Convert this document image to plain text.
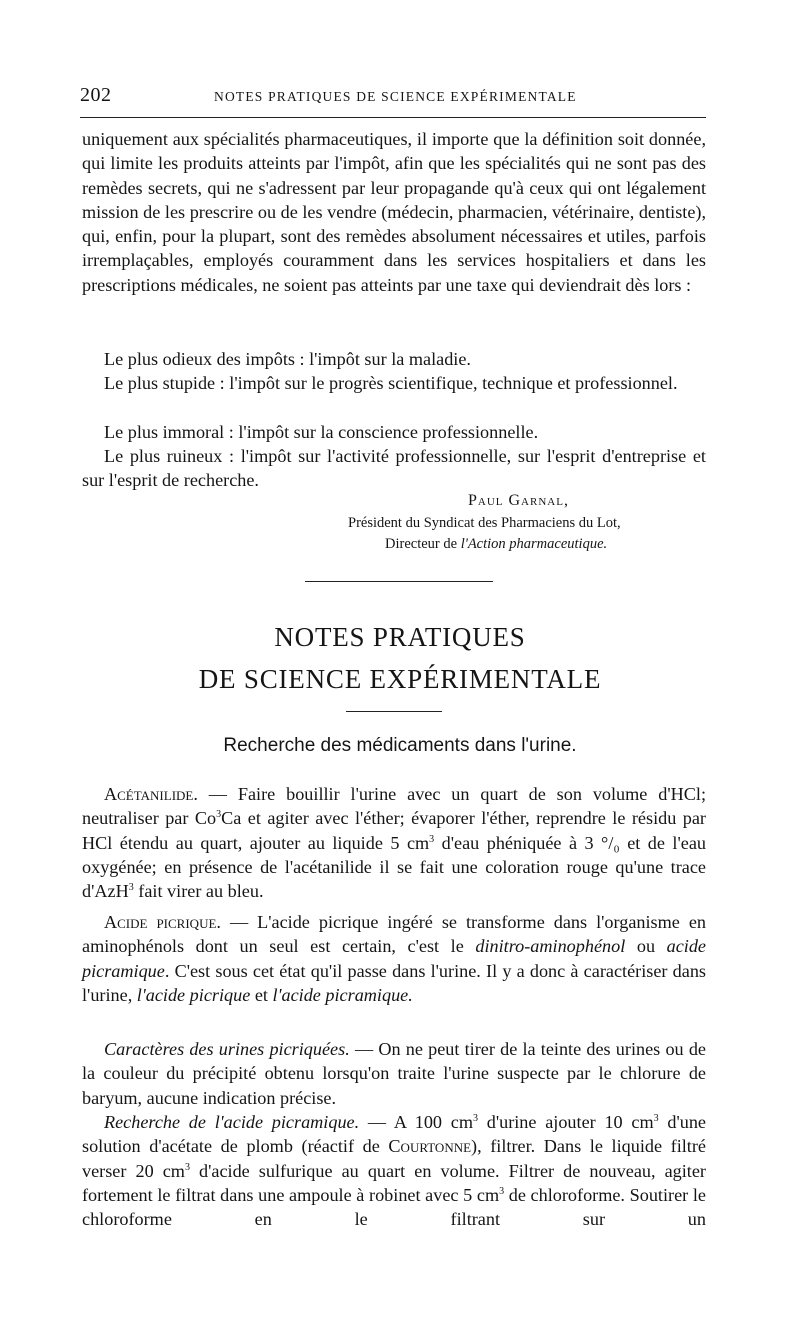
202	NOTES PRATIQUES DE SCIENCE EXPÉRIMENTALE

uniquement aux spécialités pharmaceutiques, il importe que la définition soit donnée, qui limite les produits atteints par l'impôt, afin que les spécialités qui ne sont pas des remèdes secrets, qui ne s'adressent par leur propagande qu'à ceux qui ont légalement mission de les prescrire ou de les vendre (médecin, pharmacien, vétérinaire, dentiste), qui, enfin, pour la plupart, sont des remèdes absolument nécessaires et utiles, parfois irremplaçables, employés couramment dans les services hospitaliers et dans les prescriptions médicales, ne soient pas atteints par une taxe qui deviendrait dès lors :

Le plus odieux des impôts : l'impôt sur la maladie.

Le plus stupide : l'impôt sur le progrès scientifique, technique et professionnel.

Le plus immoral : l'impôt sur la conscience professionnelle.

Le plus ruineux : l'impôt sur l'activité professionnelle, sur l'esprit d'entreprise et sur l'esprit de recherche.

Paul Garnal,
Président du Syndicat des Pharmaciens du Lot,
Directeur de l'Action pharmaceutique.
NOTES PRATIQUES
DE SCIENCE EXPÉRIMENTALE
Recherche des médicaments dans l'urine.

Acétanilide. — Faire bouillir l'urine avec un quart de son volume d'HCl; neutraliser par Co$^3$Ca et agiter avec l'éther; évaporer l'éther, reprendre le résidu par HCl étendu au quart, ajouter au liquide 5 $cm^3$ d'eau phéniquée à 3 °/₀ et de l'eau oxygénée; en présence de l'acétanilide il se fait une coloration rouge qu'une trace d'AzH$^3$ fait virer au bleu.

Acide picrique. — L'acide picrique ingéré se transforme dans l'organisme en aminophénols dont un seul est certain, c'est le dinitro-aminophénol ou acide picramique. C'est sous cet état qu'il passe dans l'urine. Il y a donc à caractériser dans l'urine, l'acide picrique et l'acide picramique.

Caractères des urines picriquées. — On ne peut tirer de la teinte des urines ou de la couleur du précipité obtenu lorsqu'on traite l'urine suspecte par le chlorure de baryum, aucune indication précise.

Recherche de l'acide picramique. — A 100 $cm^3$ d'urine ajouter 10 $cm^3$ d'une solution d'acétate de plomb (réactif de Courtonne), filtrer. Dans le liquide filtré verser 20 $cm^3$ d'acide sulfurique au quart en volume. Filtrer de nouveau, agiter fortement le filtrat dans une ampoule à robinet avec 5 $cm^3$ de chloroforme. Soutirer le chloroforme en le filtrant sur un
